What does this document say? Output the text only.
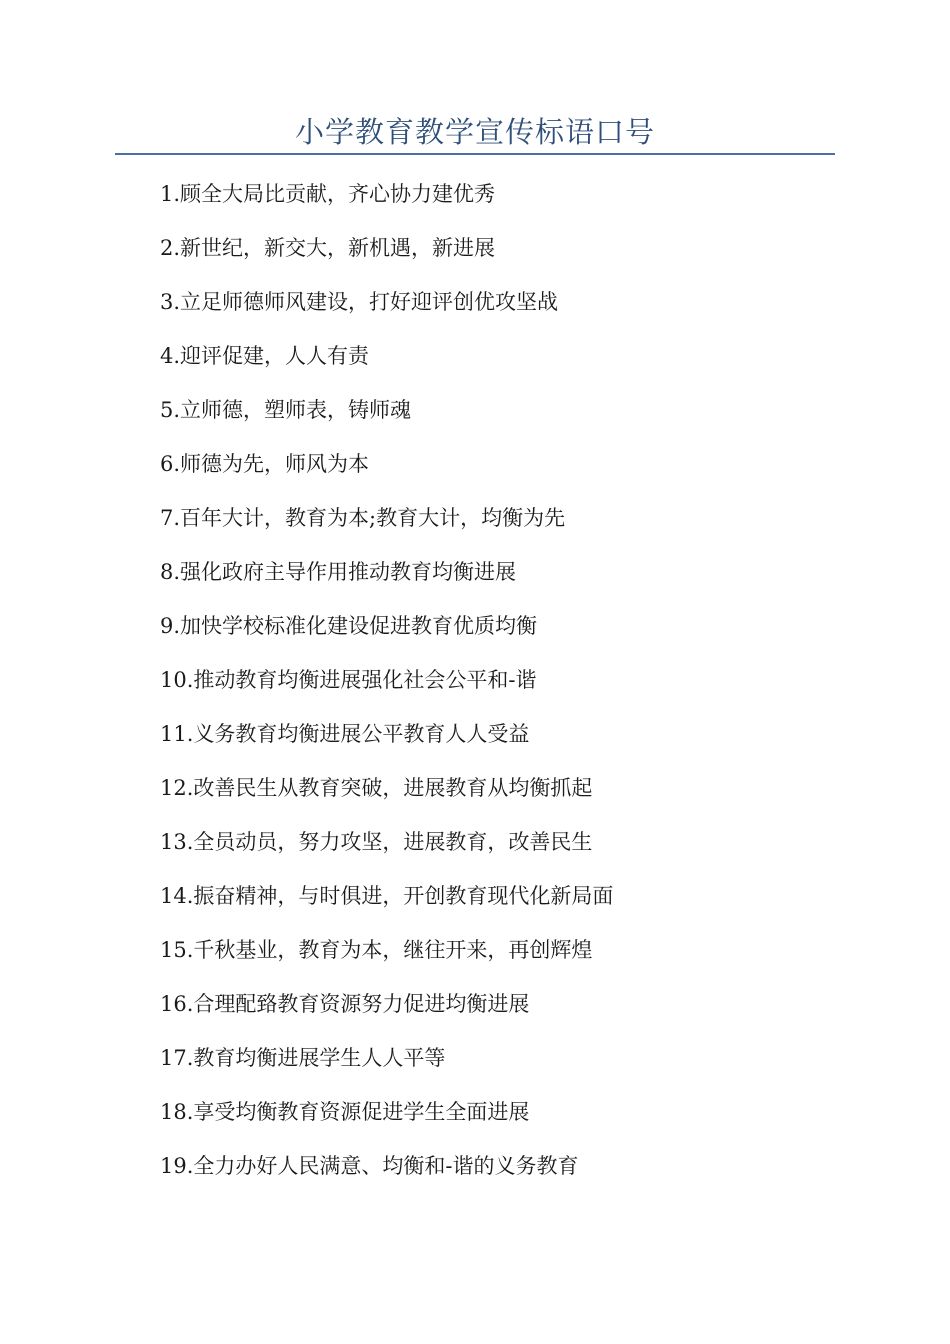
小学教育教学宣传标语口号
1.顾全大局比贡献，齐心协力建优秀
2.新世纪，新交大，新机遇，新进展
3.立足师德师风建设，打好迎评创优攻坚战
4.迎评促建，人人有责
5.立师德，塑师表，铸师魂
6.师德为先，师风为本
7.百年大计，教育为本;教育大计，均衡为先
8.强化政府主导作用推动教育均衡进展
9.加快学校标准化建设促进教育优质均衡
10.推动教育均衡进展强化社会公平和-谐
11.义务教育均衡进展公平教育人人受益
12.改善民生从教育突破，进展教育从均衡抓起
13.全员动员，努力攻坚，进展教育，改善民生
14.振奋精神，与时俱进，开创教育现代化新局面
15.千秋基业，教育为本，继往开来，再创辉煌
16.合理配臵教育资源努力促进均衡进展
17.教育均衡进展学生人人平等
18.享受均衡教育资源促进学生全面进展
19.全力办好人民满意、均衡和-谐的义务教育
